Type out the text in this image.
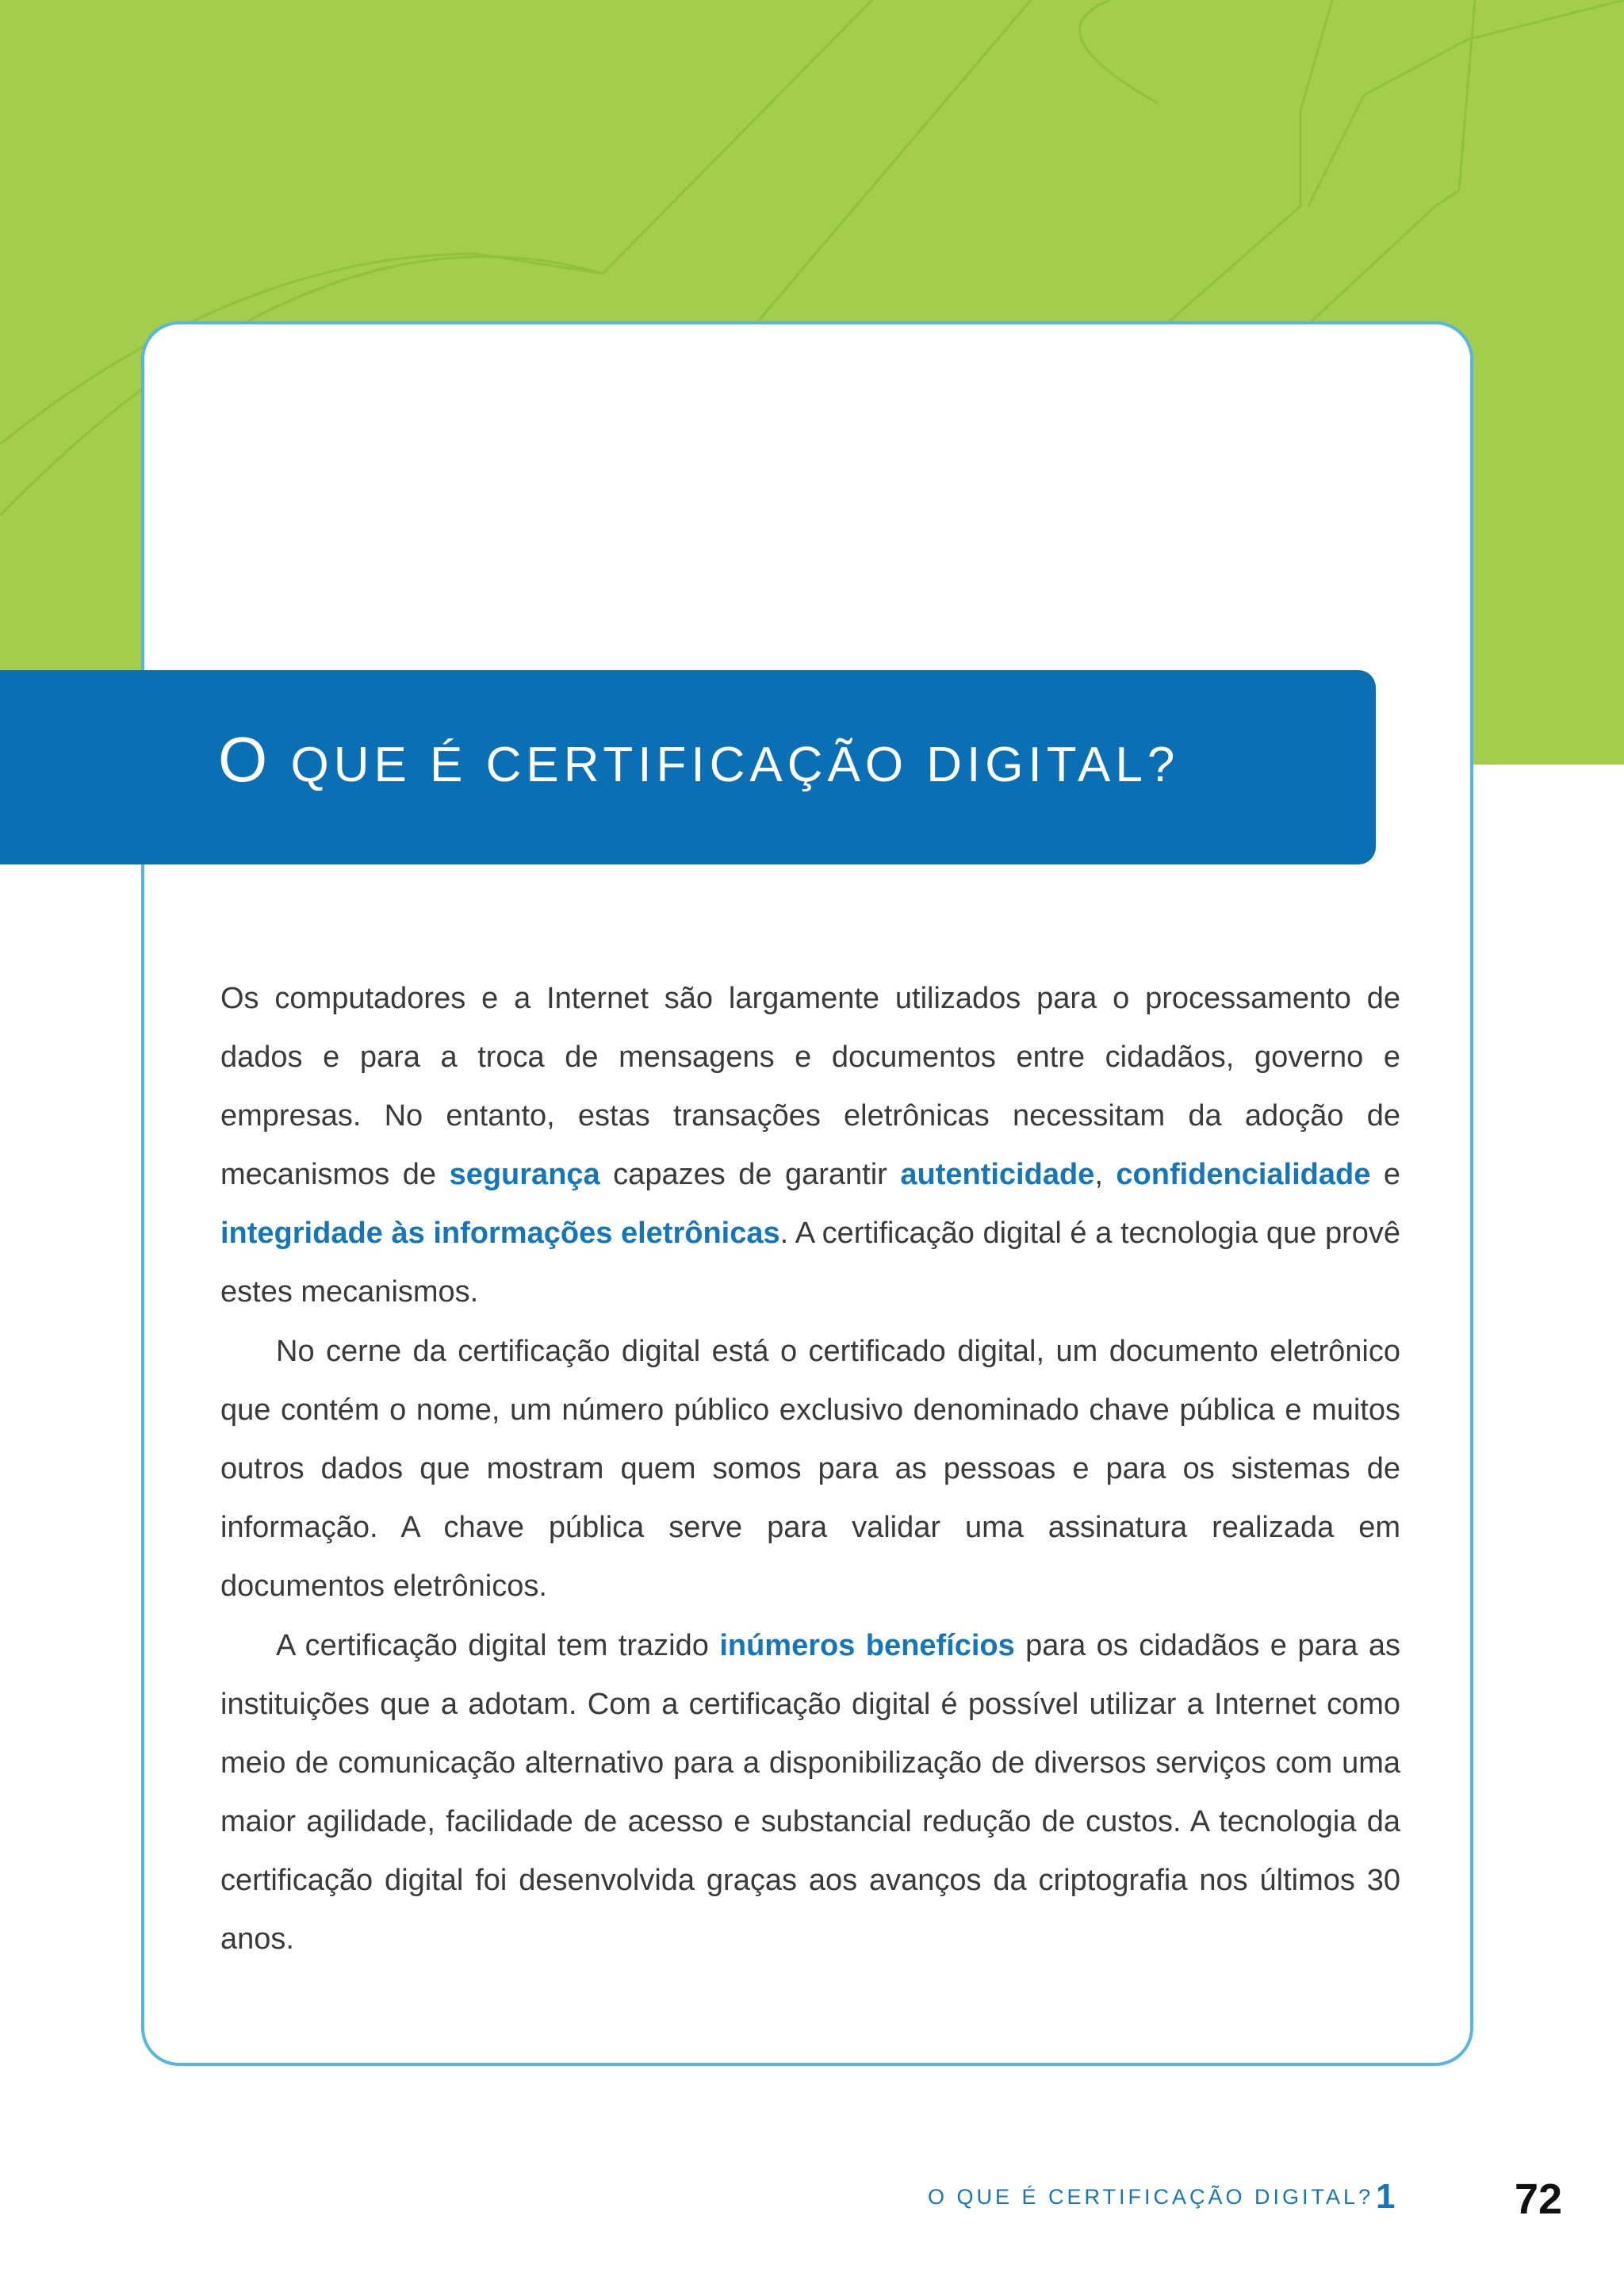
O QUE É CERTIFICAÇÃO DIGITAL?

Os computadores e a Internet são largamente utilizados para o processamento de dados e para a troca de mensagens e documentos entre cidadãos, governo e empresas. No entanto, estas transações eletrônicas necessitam da adoção de mecanismos de segurança capazes de garantir autenticidade, confidencialidade e integridade às informações eletrônicas. A certificação digital é a tecnologia que provê estes mecanismos.

No cerne da certificação digital está o certificado digital, um documento eletrônico que contém o nome, um número público exclusivo denominado chave pública e muitos outros dados que mostram quem somos para as pessoas e para os sistemas de informação. A chave pública serve para validar uma assinatura realizada em documentos eletrônicos.

A certificação digital tem trazido inúmeros benefícios para os cidadãos e para as instituições que a adotam. Com a certificação digital é possível utilizar a Internet como meio de comunicação alternativo para a disponibilização de diversos serviços com uma maior agilidade, facilidade de acesso e substancial redução de custos. A tecnologia da certificação digital foi desenvolvida graças aos avanços da criptografia nos últimos 30 anos.

O QUE É CERTIFICAÇÃO DIGITAL? 1	72
